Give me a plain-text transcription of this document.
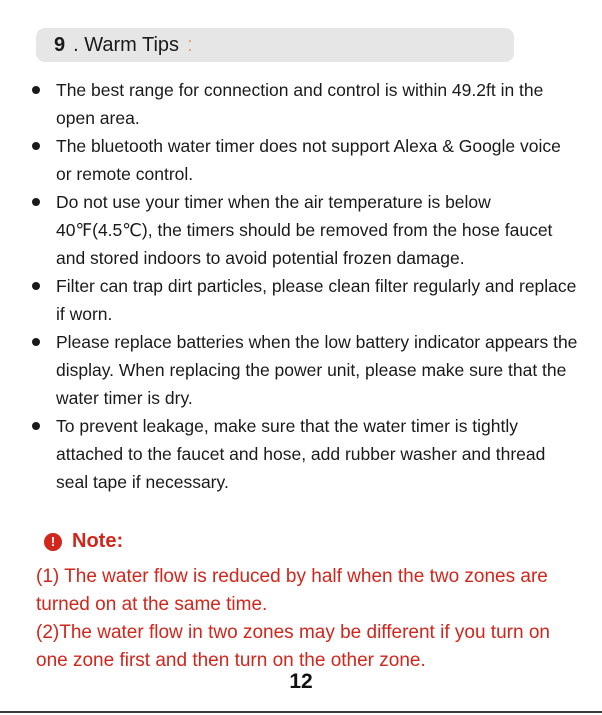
9 . Warm Tips :
The best range for connection and control is within 49.2ft in the open area.
The bluetooth water timer does not support Alexa & Google voice or remote control.
Do not use your timer when the air temperature is below 40℉(4.5℃), the timers should be removed from the hose faucet and stored indoors to avoid potential frozen damage.
Filter can trap dirt particles, please clean filter regularly and replace if worn.
Please replace batteries when the low battery indicator appears the display. When replacing the power unit, please make sure that the water timer is dry.
To prevent leakage, make sure that the water timer is tightly attached to the faucet and hose, add rubber washer and thread seal tape if necessary.
! Note:

(1) The water flow is reduced by half when the two zones are turned on at the same time.

(2)The water flow in two zones may be different if you turn on one zone first and then turn on the other zone.

12
